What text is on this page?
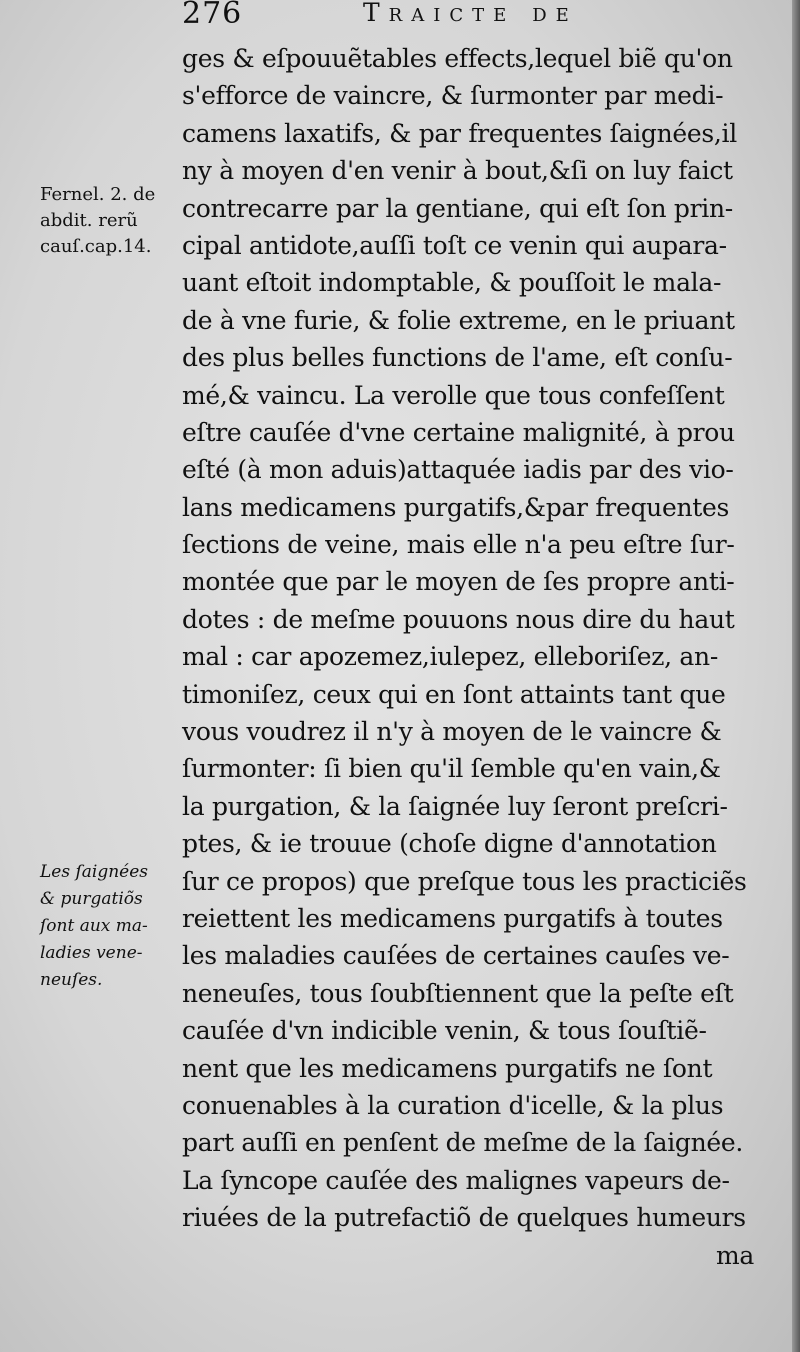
276	Traicte de
Fernel. 2. de
abdit. rerũ
cauſ.cap.14.
Les ſaignées
& purgatiõs
ſont aux ma-
ladies vene-
neuſes.
ges & eſpouuẽtables effects,lequel biẽ qu'on
s'efforce de vaincre, & ſurmonter par medi-
camens laxatifs, & par frequentes ſaignées,il
ny à moyen d'en venir à bout,&ſi on luy faict
contrecarre par la gentiane, qui eſt ſon prin-
cipal antidote,auſſi toſt ce venin qui aupara-
uant eſtoit indomptable, & pouſſoit le mala-
de à vne furie, & folie extreme, en le priuant
des plus belles functions de l'ame, eſt conſu-
mé,& vaincu. La verolle que tous confeſſent
eſtre cauſée d'vne certaine malignité, à prou
eſté (à mon aduis)attaquée iadis par des vio-
lans medicamens purgatifs,&par frequentes
ſections de veine, mais elle n'a peu eſtre ſur-
montée que par le moyen de ſes propre anti-
dotes : de meſme pouuons nous dire du haut
mal : car apozemez,iulepez, elleboriſez, an-
timoniſez, ceux qui en ſont attaints tant que
vous voudrez il n'y à moyen de le vaincre &
ſurmonter: ſi bien qu'il ſemble qu'en vain,&
la purgation, & la ſaignée luy ſeront preſcri-
ptes, & ie trouue (choſe digne d'annotation
ſur ce propos) que preſque tous les practiciẽs
reiettent les medicamens purgatifs à toutes
les maladies cauſées de certaines cauſes ve-
neneuſes, tous ſoubſtiennent que la peſte eſt
cauſée d'vn indicible venin, & tous ſouſtiẽ-
nent que les medicamens purgatifs ne ſont
conuenables à la curation d'icelle, & la plus
part auſſi en penſent de meſme de la ſaignée.
La ſyncope cauſée des malignes vapeurs de-
riuées de la putrefactiõ de quelques humeurs
ma
